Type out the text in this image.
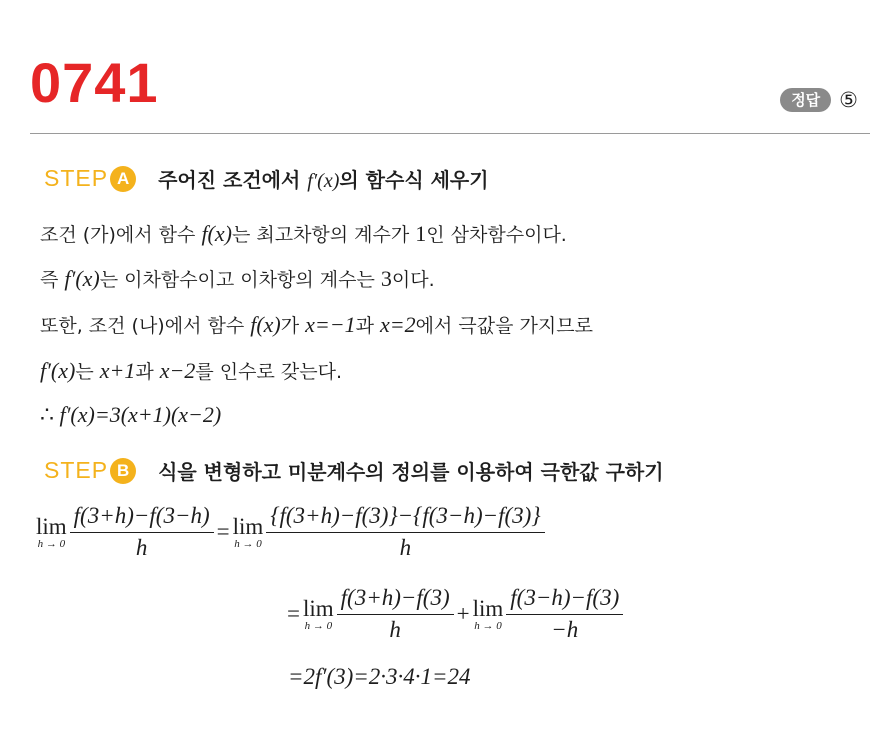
0741	정답 ⑤
STEP A	주어진 조건에서 f′(x)의 함수식 세우기
조건 (가)에서 함수 f(x)는 최고차항의 계수가 1인 삼차함수이다.
즉 f′(x)는 이차함수이고 이차항의 계수는 3이다.
또한, 조건 (나)에서 함수 f(x)가 x=−1과 x=2에서 극값을 가지므로
f′(x)는 x+1과 x−2를 인수로 갖는다.
∴ f′(x)=3(x+1)(x−2)
STEP B	식을 변형하고 미분계수의 정의를 이용하여 극한값 구하기
lim
$h \to 0 \frac{f(3+h)-f(3-h)}{h} = \lim$
$h \to 0 \frac{\{f(3+h)-f(3)\}-\{f(3-h)-f(3)\}}{h}$
= lim
$h \to 0 \frac{f(3+h)-f(3)}{h} + \lim$
$h \to 0 \frac{f(3-h)-f(3)}{-h}$
=2f′(3)=2·3·4·1=24
